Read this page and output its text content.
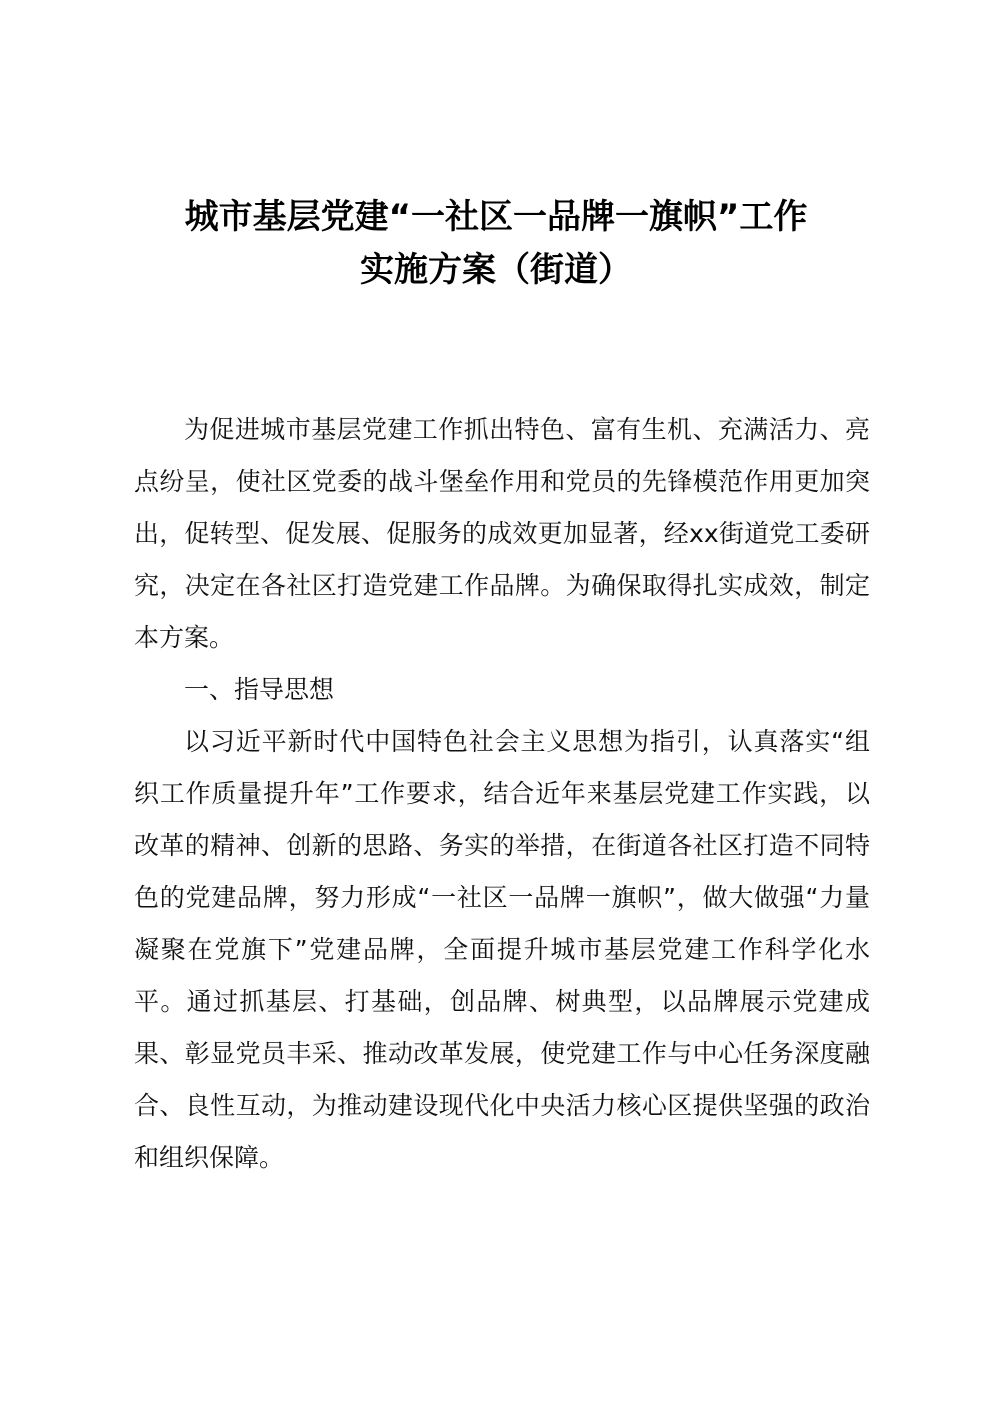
城市基层党建“一社区一品牌一旗帜”工作
实施方案（街道）

为促进城市基层党建工作抓出特色、富有生机、充满活力、亮点纷呈，使社区党委的战斗堡垒作用和党员的先锋模范作用更加突出，促转型、促发展、促服务的成效更加显著，经xx街道党工委研究，决定在各社区打造党建工作品牌。为确保取得扎实成效，制定本方案。

一、指导思想

以习近平新时代中国特色社会主义思想为指引，认真落实“组织工作质量提升年”工作要求，结合近年来基层党建工作实践，以改革的精神、创新的思路、务实的举措，在街道各社区打造不同特色的党建品牌，努力形成“一社区一品牌一旗帜”，做大做强“力量凝聚在党旗下”党建品牌，全面提升城市基层党建工作科学化水平。通过抓基层、打基础，创品牌、树典型，以品牌展示党建成果、彰显党员丰采、推动改革发展，使党建工作与中心任务深度融合、良性互动，为推动建设现代化中央活力核心区提供坚强的政治和组织保障。
